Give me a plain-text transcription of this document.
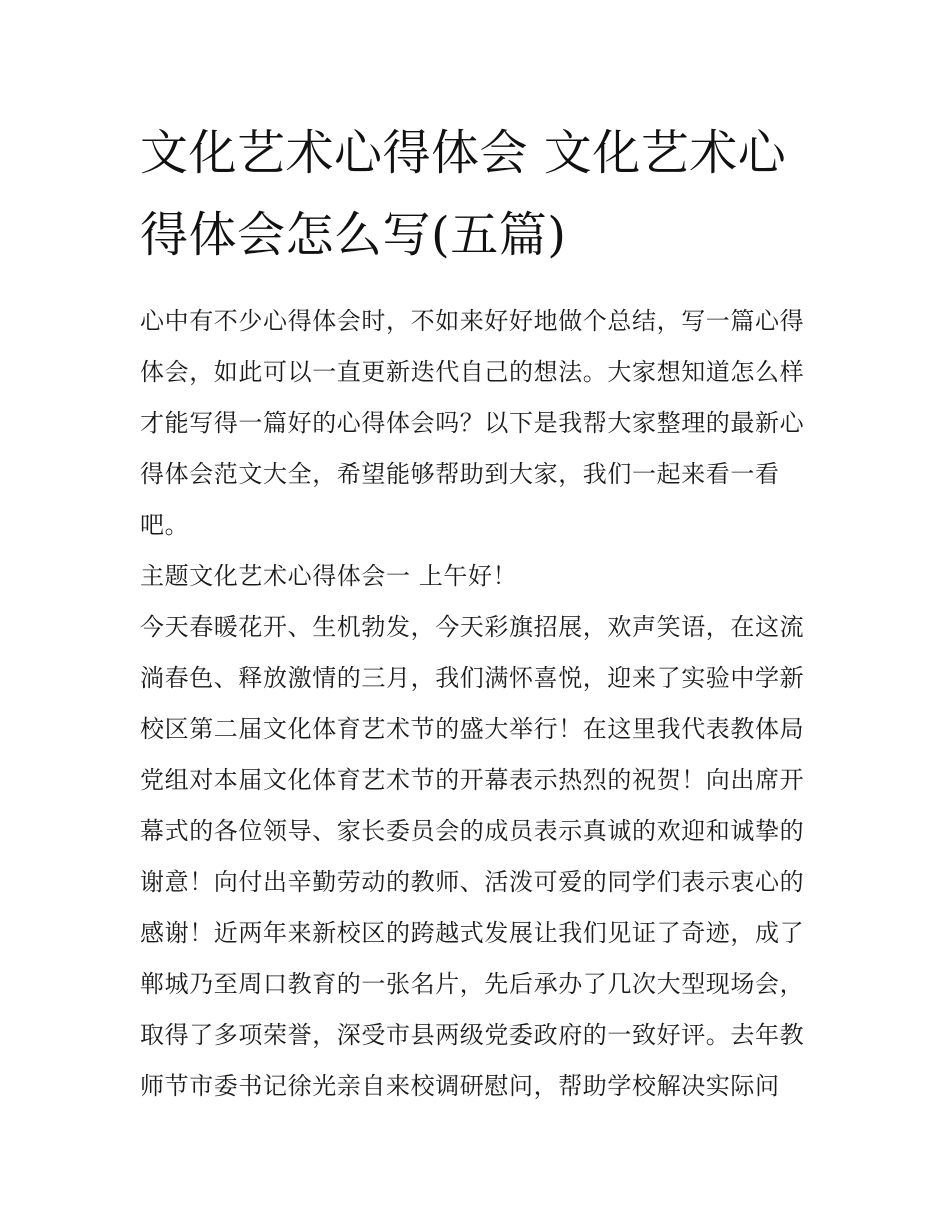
文化艺术心得体会 文化艺术心
得体会怎么写(五篇)

心中有不少心得体会时，不如来好好地做个总结，写一篇心得
体会，如此可以一直更新迭代自己的想法。大家想知道怎么样
才能写得一篇好的心得体会吗？以下是我帮大家整理的最新心
得体会范文大全，希望能够帮助到大家，我们一起来看一看
吧。

主题文化艺术心得体会一 上午好！

今天春暖花开、生机勃发，今天彩旗招展，欢声笑语，在这流
淌春色、释放激情的三月，我们满怀喜悦，迎来了实验中学新
校区第二届文化体育艺术节的盛大举行！在这里我代表教体局
党组对本届文化体育艺术节的开幕表示热烈的祝贺！向出席开
幕式的各位领导、家长委员会的成员表示真诚的欢迎和诚挚的
谢意！向付出辛勤劳动的教师、活泼可爱的同学们表示衷心的
感谢！近两年来新校区的跨越式发展让我们见证了奇迹，成了
郸城乃至周口教育的一张名片，先后承办了几次大型现场会，
取得了多项荣誉，深受市县两级党委政府的一致好评。去年教
师节市委书记徐光亲自来校调研慰问，帮助学校解决实际问
